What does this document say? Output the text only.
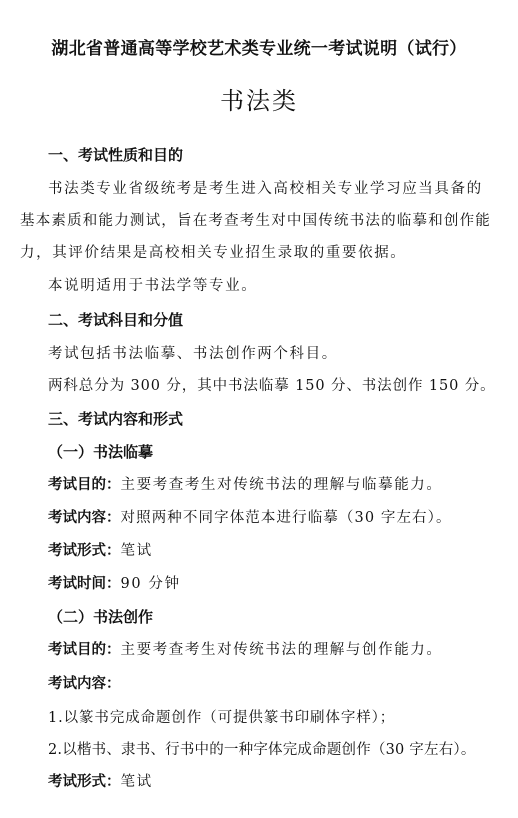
湖北省普通高等学校艺术类专业统一考试说明（试行）
书法类
一、考试性质和目的
书法类专业省级统考是考生进入高校相关专业学习应当具备的
基本素质和能力测试，旨在考查考生对中国传统书法的临摹和创作能
力，其评价结果是高校相关专业招生录取的重要依据。
本说明适用于书法学等专业。
二、考试科目和分值
考试包括书法临摹、书法创作两个科目。
两科总分为 300 分，其中书法临摹 150 分、书法创作 150 分。
三、考试内容和形式
（一）书法临摹
考试目的：主要考查考生对传统书法的理解与临摹能力。
考试内容：对照两种不同字体范本进行临摹（30 字左右）。
考试形式：笔试
考试时间：90 分钟
（二）书法创作
考试目的：主要考查考生对传统书法的理解与创作能力。
考试内容：
1.以篆书完成命题创作（可提供篆书印刷体字样）；
2.以楷书、隶书、行书中的一种字体完成命题创作（30 字左右）。
考试形式：笔试
